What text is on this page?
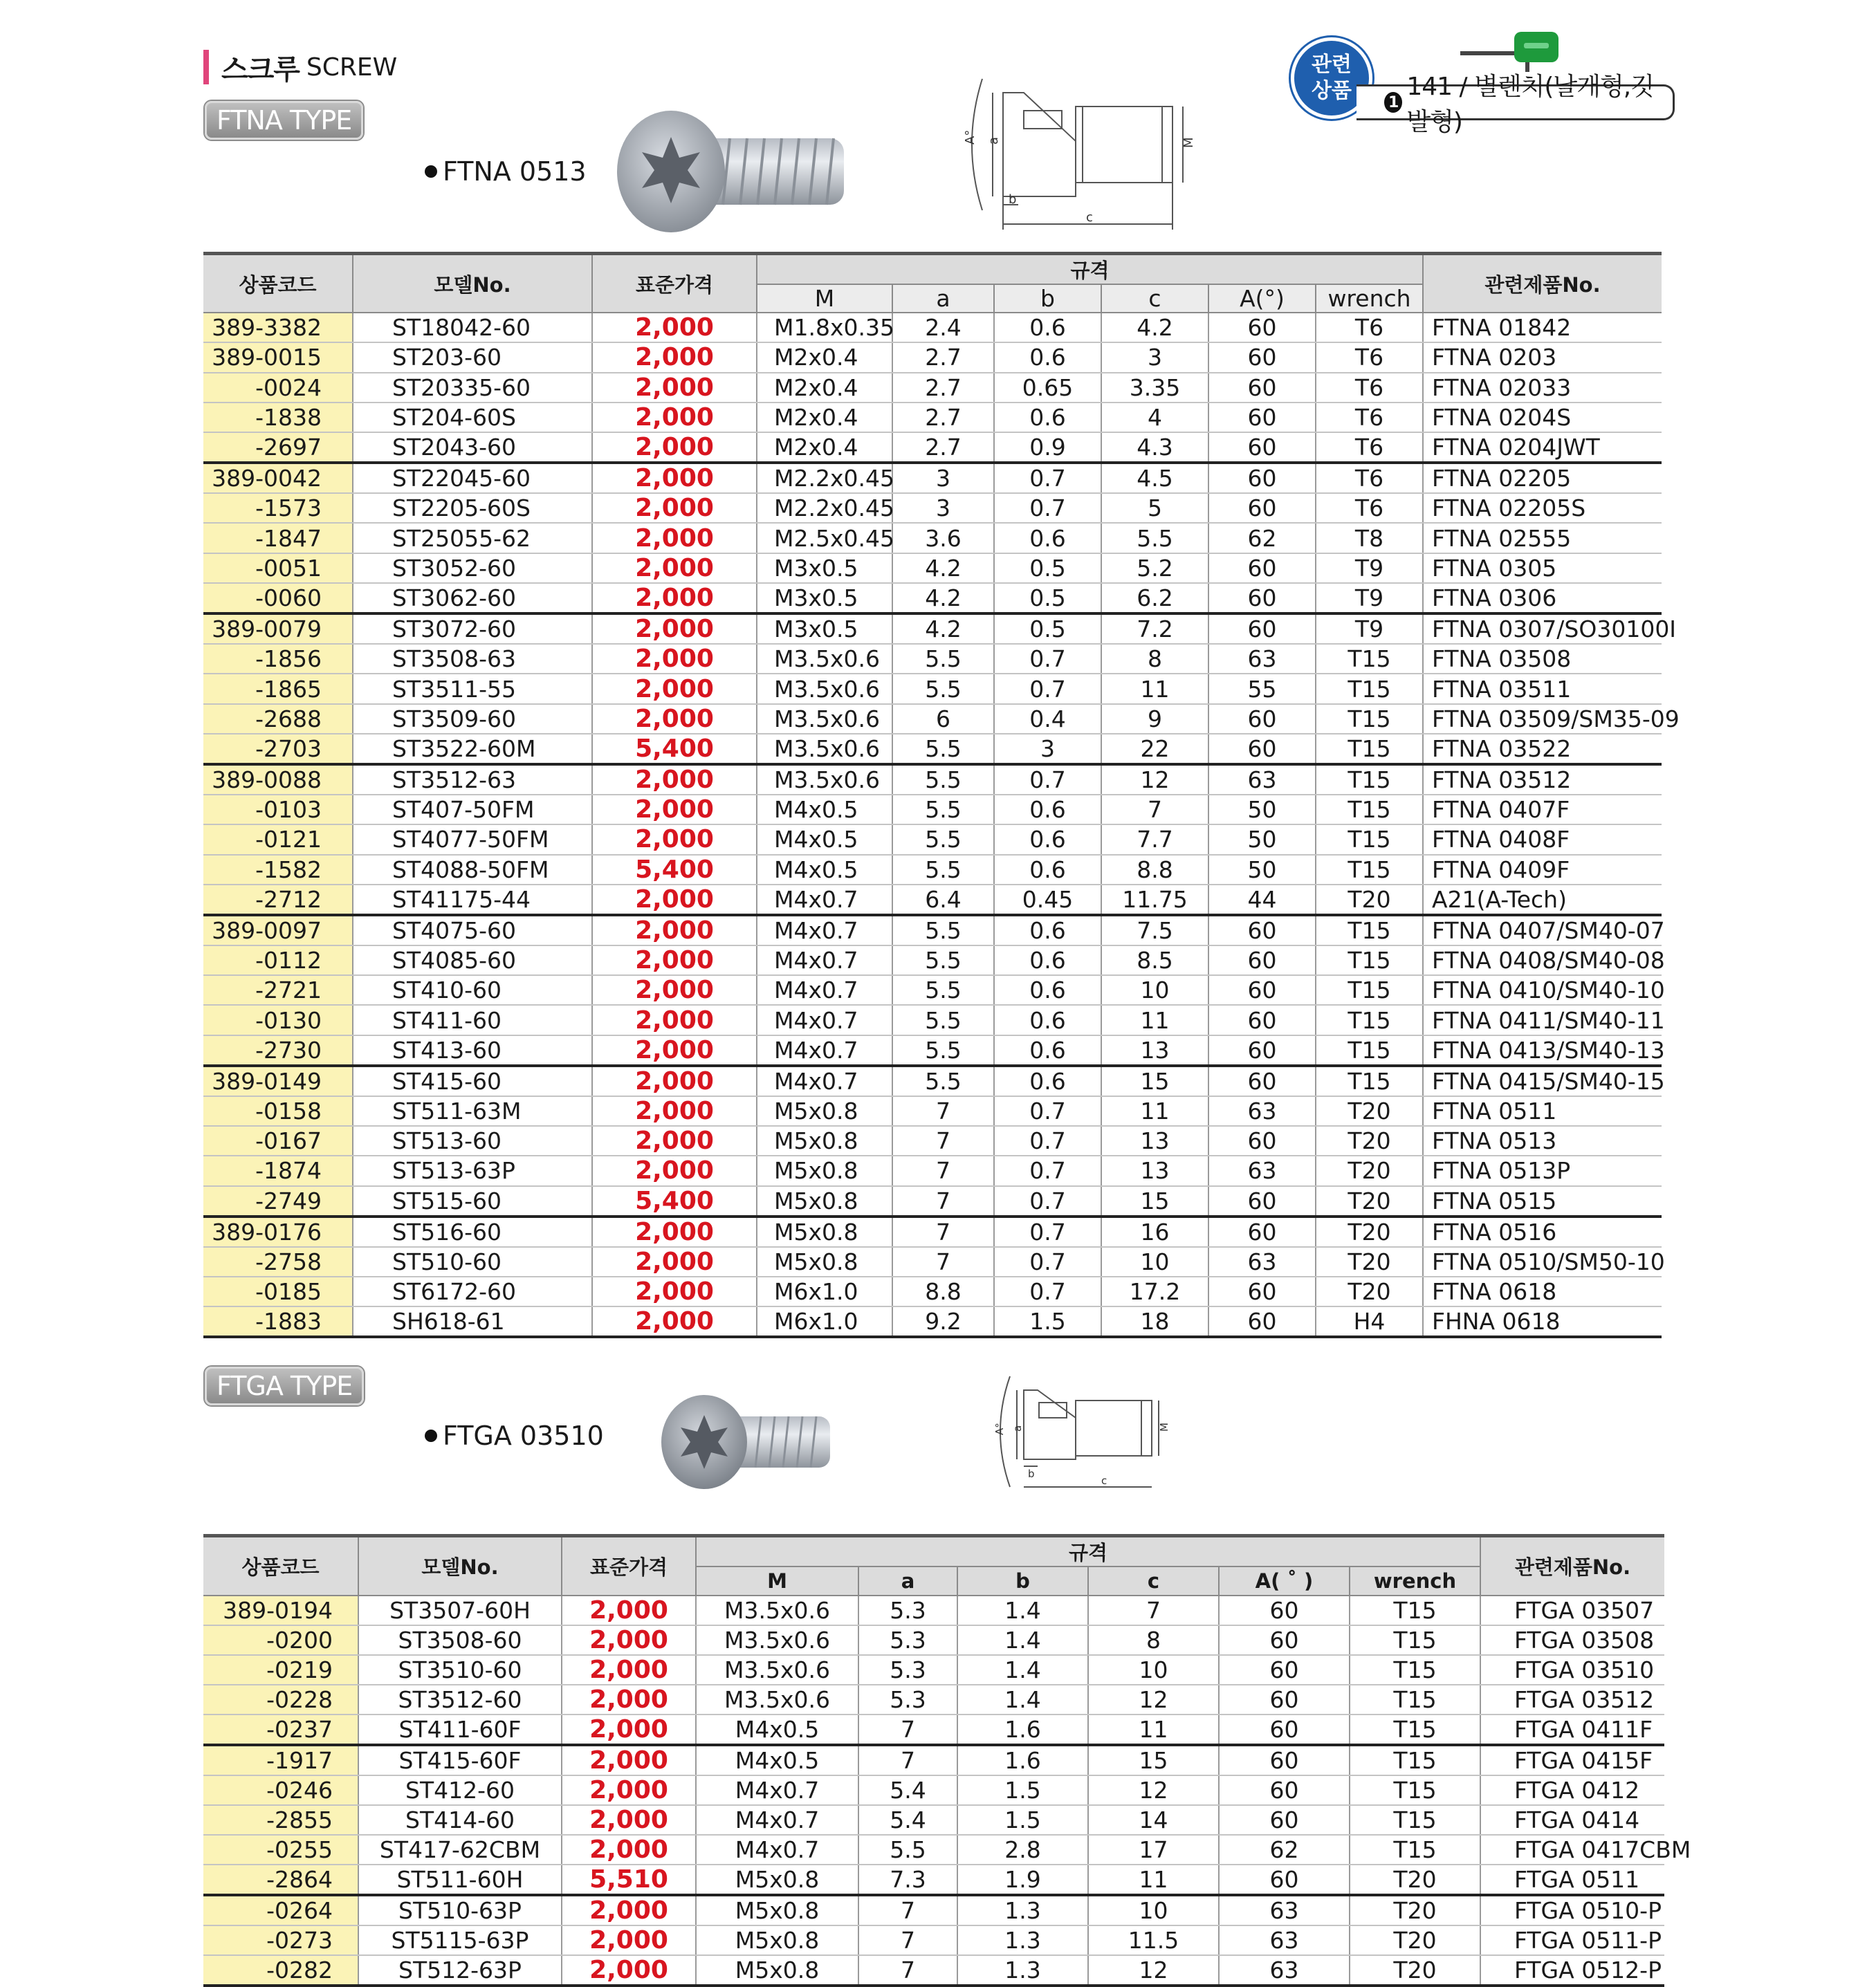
스크루 SCREW	관련
상품 1
141 / 별렌치(날개형,깃발형)
FTNA TYPE
FTNA 0513
A° a
b
c
M
상품코드	모델No.	표준가격	규격						관련제품No.
			M	a	b	c	A(°)	wrench	
389-3382	ST18042-60	2,000	M1.8x0.35	2.4	0.6	4.2	60	T6	FTNA 01842
389-0015	ST203-60	2,000	M2x0.4	2.7	0.6	3	60	T6	FTNA 0203
-0024	ST20335-60	2,000	M2x0.4	2.7	0.65	3.35	60	T6	FTNA 02033
-1838	ST204-60S	2,000	M2x0.4	2.7	0.6	4	60	T6	FTNA 0204S
-2697	ST2043-60	2,000	M2x0.4	2.7	0.9	4.3	60	T6	FTNA 0204JWT
389-0042	ST22045-60	2,000	M2.2x0.45	3	0.7	4.5	60	T6	FTNA 02205
-1573	ST2205-60S	2,000	M2.2x0.45	3	0.7	5	60	T6	FTNA 02205S
-1847	ST25055-62	2,000	M2.5x0.45	3.6	0.6	5.5	62	T8	FTNA 02555
-0051	ST3052-60	2,000	M3x0.5	4.2	0.5	5.2	60	T9	FTNA 0305
-0060	ST3062-60	2,000	M3x0.5	4.2	0.5	6.2	60	T9	FTNA 0306
389-0079	ST3072-60	2,000	M3x0.5	4.2	0.5	7.2	60	T9	FTNA 0307/SO30100I
-1856	ST3508-63	2,000	M3.5x0.6	5.5	0.7	8	63	T15	FTNA 03508
-1865	ST3511-55	2,000	M3.5x0.6	5.5	0.7	11	55	T15	FTNA 03511
-2688	ST3509-60	2,000	M3.5x0.6	6	0.4	9	60	T15	FTNA 03509/SM35-09
-2703	ST3522-60M	5,400	M3.5x0.6	5.5	3	22	60	T15	FTNA 03522
389-0088	ST3512-63	2,000	M3.5x0.6	5.5	0.7	12	63	T15	FTNA 03512
-0103	ST407-50FM	2,000	M4x0.5	5.5	0.6	7	50	T15	FTNA 0407F
-0121	ST4077-50FM	2,000	M4x0.5	5.5	0.6	7.7	50	T15	FTNA 0408F
-1582	ST4088-50FM	5,400	M4x0.5	5.5	0.6	8.8	50	T15	FTNA 0409F
-2712	ST41175-44	2,000	M4x0.7	6.4	0.45	11.75	44	T20	A21(A-Tech)
389-0097	ST4075-60	2,000	M4x0.7	5.5	0.6	7.5	60	T15	FTNA 0407/SM40-07
-0112	ST4085-60	2,000	M4x0.7	5.5	0.6	8.5	60	T15	FTNA 0408/SM40-08
-2721	ST410-60	2,000	M4x0.7	5.5	0.6	10	60	T15	FTNA 0410/SM40-10
-0130	ST411-60	2,000	M4x0.7	5.5	0.6	11	60	T15	FTNA 0411/SM40-11
-2730	ST413-60	2,000	M4x0.7	5.5	0.6	13	60	T15	FTNA 0413/SM40-13
389-0149	ST415-60	2,000	M4x0.7	5.5	0.6	15	60	T15	FTNA 0415/SM40-15
-0158	ST511-63M	2,000	M5x0.8	7	0.7	11	63	T20	FTNA 0511
-0167	ST513-60	2,000	M5x0.8	7	0.7	13	60	T20	FTNA 0513
-1874	ST513-63P	2,000	M5x0.8	7	0.7	13	63	T20	FTNA 0513P
-2749	ST515-60	5,400	M5x0.8	7	0.7	15	60	T20	FTNA 0515
389-0176	ST516-60	2,000	M5x0.8	7	0.7	16	60	T20	FTNA 0516
-2758	ST510-60	2,000	M5x0.8	7	0.7	10	63	T20	FTNA 0510/SM50-10
-0185	ST6172-60	2,000	M6x1.0	8.8	0.7	17.2	60	T20	FTNA 0618
-1883	SH618-61	2,000	M6x1.0	9.2	1.5	18	60	H4	FHNA 0618
FTGA TYPE
FTGA 03510	A° a
b
c
M
상품코드	모델No.	표준가격	규격						관련제품No.
			M	a	b	c	A( ˚ )	wrench	
389-0194	ST3507-60H	2,000	M3.5x0.6	5.3	1.4	7	60	T15	FTGA 03507
-0200	ST3508-60	2,000	M3.5x0.6	5.3	1.4	8	60	T15	FTGA 03508
-0219	ST3510-60	2,000	M3.5x0.6	5.3	1.4	10	60	T15	FTGA 03510
-0228	ST3512-60	2,000	M3.5x0.6	5.3	1.4	12	60	T15	FTGA 03512
-0237	ST411-60F	2,000	M4x0.5	7	1.6	11	60	T15	FTGA 0411F
-1917	ST415-60F	2,000	M4x0.5	7	1.6	15	60	T15	FTGA 0415F
-0246	ST412-60	2,000	M4x0.7	5.4	1.5	12	60	T15	FTGA 0412
-2855	ST414-60	2,000	M4x0.7	5.4	1.5	14	60	T15	FTGA 0414
-0255	ST417-62CBM	2,000	M4x0.7	5.5	2.8	17	62	T15	FTGA 0417CBM
-2864	ST511-60H	5,510	M5x0.8	7.3	1.9	11	60	T20	FTGA 0511
-0264	ST510-63P	2,000	M5x0.8	7	1.3	10	63	T20	FTGA 0510-P
-0273	ST5115-63P	2,000	M5x0.8	7	1.3	11.5	63	T20	FTGA 0511-P
-0282	ST512-63P	2,000	M5x0.8	7	1.3	12	63	T20	FTGA 0512-P
